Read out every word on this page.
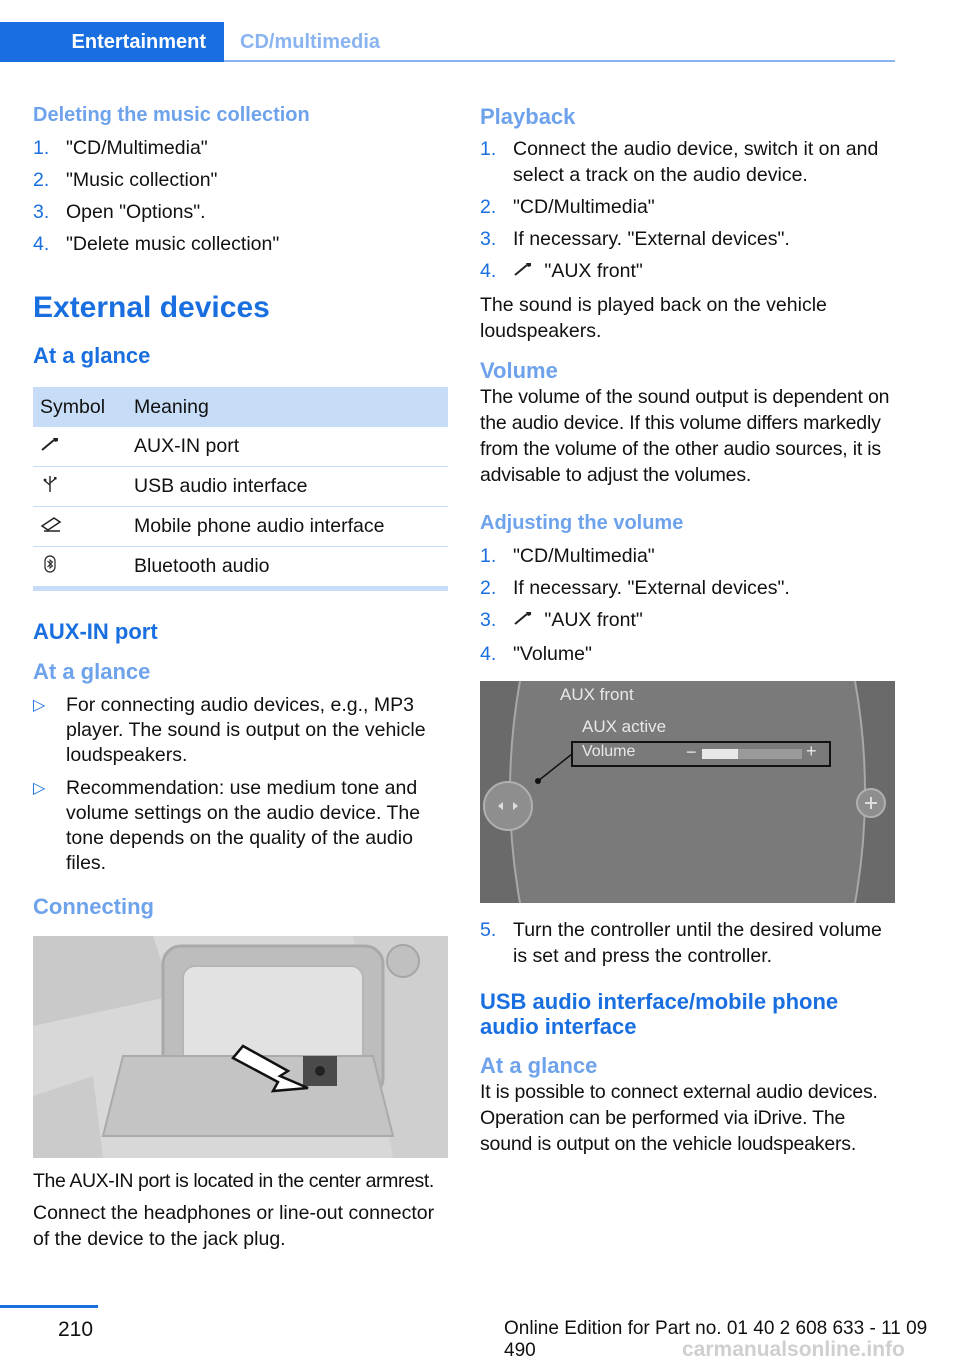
Entertainment	CD/multimedia
Deleting the music collection
1. "CD/Multimedia"
2. "Music collection"
3. Open "Options".
4. "Delete music collection"
External devices
At a glance
Symbol	Meaning
	AUX-IN port
	USB audio interface
	Mobile phone audio interface
	Bluetooth audio
AUX-IN port
At a glance
▷ For connecting audio devices, e.g., MP3 player. The sound is output on the vehicle loudspeakers.
▷ Recommendation: use medium tone and volume settings on the audio device. The tone depends on the quality of the audio files.
Connecting

The AUX-IN port is located in the center armrest.

Connect the headphones or line-out connector of the device to the jack plug.

Playback
1. Connect the audio device, switch it on and select a track on the audio device.
2. "CD/Multimedia"
3. If necessary. "External devices".
4. "AUX front"

The sound is played back on the vehicle loudspeakers.

Volume

The volume of the sound output is dependent on the audio device. If this volume differs markedly from the volume of the other audio sources, it is advisable to adjust the volumes.

Adjusting the volume
1. "CD/Multimedia"
2. If necessary. "External devices".
3. "AUX front"
4. "Volume"
AUX front
AUX active
Volume	−	+
5. Turn the controller until the desired volume is set and press the controller.
USB audio interface/mobile phone audio interface
At a glance

It is possible to connect external audio devices. Operation can be performed via iDrive. The sound is output on the vehicle loudspeakers.

210	Online Edition for Part no. 01 40 2 608 633 - 11 09 490	carmanualsonline.info
